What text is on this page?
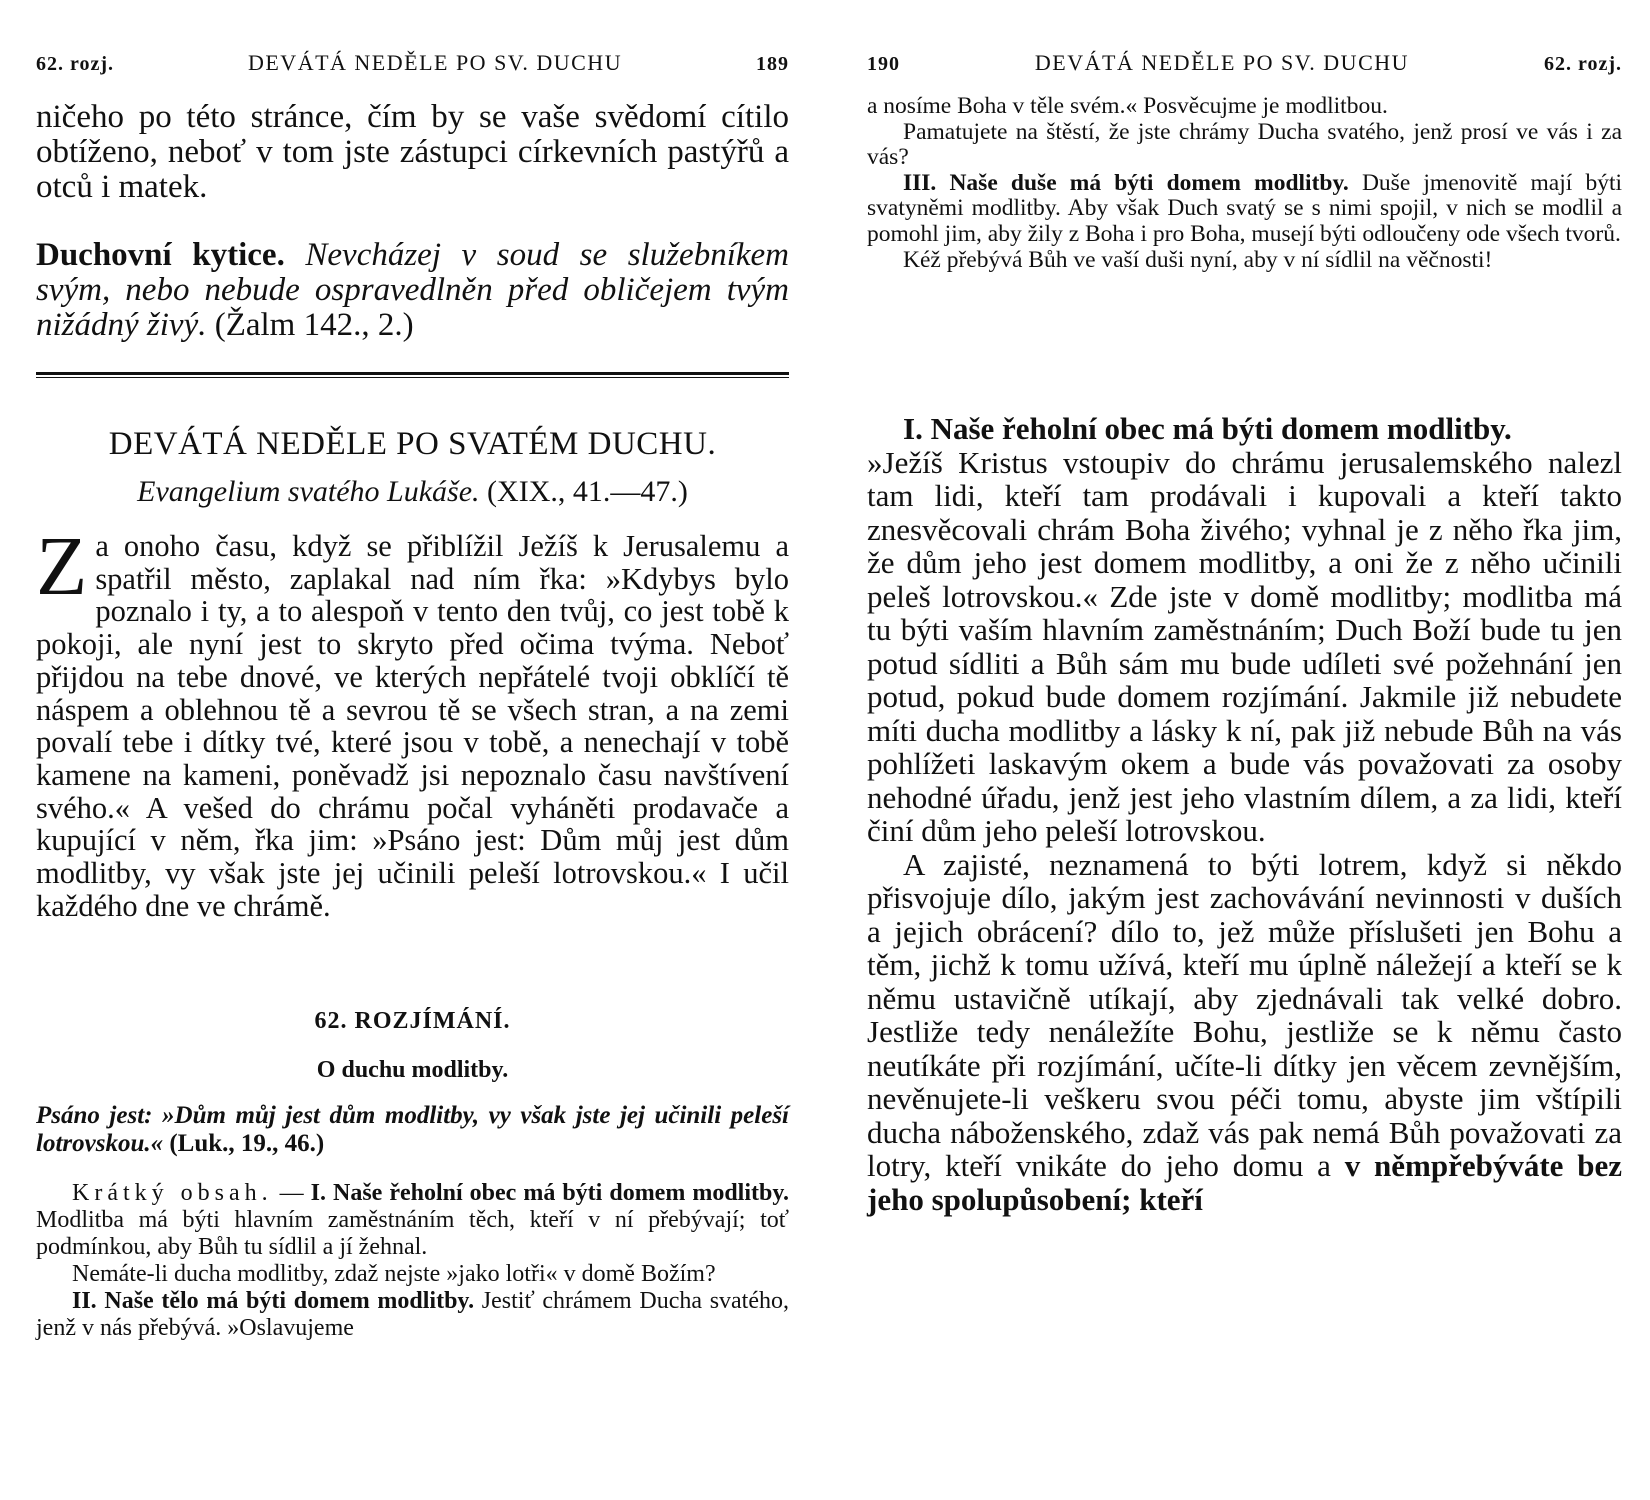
62. rozj.	DEVÁTÁ NEDĚLE PO SV. DUCHU	189

ničeho po této stránce, čím by se vaše svědomí cítilo obtíženo, neboť v tom jste zástupci církevních pastýřů a otců i matek.

Duchovní kytice. Nevcházej v soud se služebníkem svým, nebo nebude ospravedlněn před obličejem tvým nižádný živý. (Žalm 142., 2.)

DEVÁTÁ NEDĚLE PO SVATÉM DUCHU.

Evangelium svatého Lukáše. (XIX., 41.—47.)

Z a onoho času, když se přiblížil Ježíš k Jerusalemu a spatřil město, zaplakal nad ním řka: »Kdybys bylo poznalo i ty, a to alespoň v tento den tvůj, co jest tobě k pokoji, ale nyní jest to skryto před očima tvýma. Neboť přijdou na tebe dnové, ve kterých nepřátelé tvoji obklíčí tě náspem a oblehnou tě a sevrou tě se všech stran, a na zemi povalí tebe i dítky tvé, které jsou v tobě, a nenechají v tobě kamene na kameni, poněvadž jsi nepoznalo času navštívení svého.« A vešed do chrámu počal vyháněti prodavače a kupující v něm, řka jim: »Psáno jest: Dům můj jest dům modlitby, vy však jste jej učinili peleší lotrovskou.« I učil každého dne ve chrámě.

62. ROZJÍMÁNÍ.

O duchu modlitby.

Psáno jest: »Dům můj jest dům modlitby, vy však jste jej učinili peleší lotrovskou.« (Luk., 19., 46.)

Krátký obsah. — I. Naše řeholní obec má býti domem modlitby. Modlitba má býti hlavním zaměstnáním těch, kteří v ní přebývají; toť podmínkou, aby Bůh tu sídlil a jí žehnal.

Nemáte-li ducha modlitby, zdaž nejste »jako lotři« v domě Božím?

II. Naše tělo má býti domem modlitby. Jestiť chrámem Ducha svatého, jenž v nás přebývá. »Oslavujeme

190	DEVÁTÁ NEDĚLE PO SV. DUCHU	62. rozj.

a nosíme Boha v těle svém.« Posvěcujme je modlitbou.

Pamatujete na štěstí, že jste chrámy Ducha svatého, jenž prosí ve vás i za vás?

III. Naše duše má býti domem modlitby. Duše jmenovitě mají býti svatyněmi modlitby. Aby však Duch svatý se s nimi spojil, v nich se modlil a pomohl jim, aby žily z Boha i pro Boha, musejí býti odloučeny ode všech tvorů.

Kéž přebývá Bůh ve vaší duši nyní, aby v ní sídlil na věčnosti!

I. Naše řeholní obec má býti domem modlitby.

»Ježíš Kristus vstoupiv do chrámu jerusalemského nalezl tam lidi, kteří tam prodávali i kupovali a kteří takto znesvěcovali chrám Boha živého; vyhnal je z něho řka jim, že dům jeho jest domem modlitby, a oni že z něho učinili peleš lotrovskou.« Zde jste v domě modlitby; modlitba má tu býti vaším hlavním zaměstnáním; Duch Boží bude tu jen potud sídliti a Bůh sám mu bude udíleti své požehnání jen potud, pokud bude domem rozjímání. Jakmile již nebudete míti ducha modlitby a lásky k ní, pak již nebude Bůh na vás pohlížeti laskavým okem a bude vás považovati za osoby nehodné úřadu, jenž jest jeho vlastním dílem, a za lidi, kteří činí dům jeho peleší lotrovskou.

A zajisté, neznamená to býti lotrem, když si někdo přisvojuje dílo, jakým jest zachovávání nevinnosti v duších a jejich obrácení? dílo to, jež může příslušeti jen Bohu a těm, jichž k tomu užívá, kteří mu úplně náležejí a kteří se k němu ustavičně utíkají, aby zjednávali tak velké dobro. Jestliže tedy nenáležíte Bohu, jestliže se k němu často neutíkáte při rozjímání, učíte-li dítky jen věcem zevnějším, nevěnujete-li veškeru svou péči tomu, abyste jim vštípili ducha náboženského, zdaž vás pak nemá Bůh považovati za lotry, kteří vnikáte do jeho domu a v němpřebýváte bez jeho spolupůsobení; kteří
